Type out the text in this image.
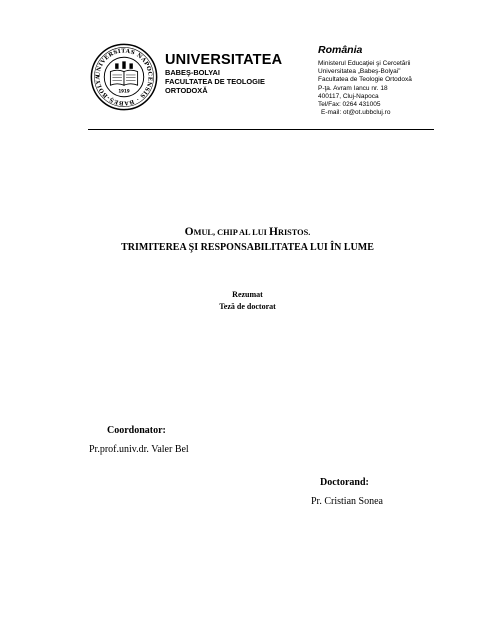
UNIVERSITAS NAPOCENSIS · BABEŞ-BOLYA
1919
UNIVERSITATEA
BABEŞ-BOLYAI
FACULTATEA DE TEOLOGIE
ORTODOXĂ
România
Ministerul Educaţiei şi Cercetării
Universitatea „Babeş-Bolyai”
Facultatea de Teologie Ortodoxă
P-ţa. Avram Iancu nr. 18
400117, Cluj-Napoca
Tel/Fax: 0264 431005
E-mail: ot@ot.ubbcluj.ro
OMUL, CHIP AL LUI HRISTOS.
TRIMITEREA ŞI RESPONSABILITATEA LUI ÎN LUME
Rezumat
Teză de doctorat
Coordonator:
Pr.prof.univ.dr. Valer Bel
Doctorand:
Pr. Cristian Sonea
